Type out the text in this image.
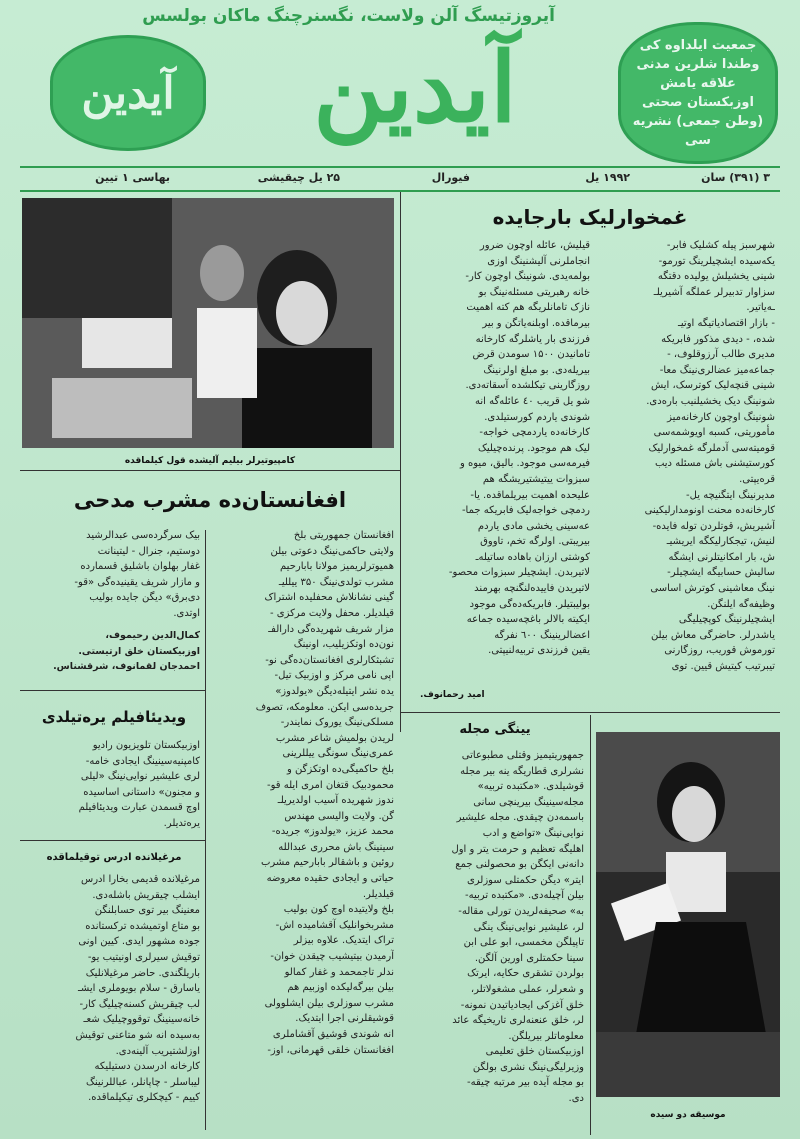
آیروزتیسگ آلن ولاست، نگسنرچنگ ماکان بولسس
آیدین
آیدین
جمعیت ایلداوه کی وطندا شلرین مدنی علاقه یامش اوزبکستان صحتی (وطن جمعی) نشریه سی
۳ (۳۹۱) سان
۱۹۹۲ یل
فیورال
۲۵ یل چیقیشی
بهاسی ۱ تیین
غمخوارلیک بارجایده
شهرسبز پیله کشلیک فابر-
یکه‌سیده ایشچیلرینگ تورمو-
شینی یخشیلش یولیده دقتگه
سزاوار تدبیرلر عملگه آشیریلـ
ـه‌یاتیر.
- بازار اقتصادیاتیگه اوتیـ
شده، - دیدی مذکور فابریکه
مدیری طالب آرزوقلوف، -
جماعه‌میز عضالری‌نینگ معا-
شینی قنچه‌لیک کوترسک، ایش
شونینگ‌ دیک یخشیلنیب باره‌دی.
شونینگ اوچون کارخانه‌میز
مأموریتی، کسبه اویوشمه‌سی
قومیته‌سی آدملرگه غمخوارلیک
کورستیشنی باش مسئله دیب
قره‌یپتی.
مدیرنینگ ایتگنیچه یل-
کارخانه‌ده محنت اونومدارلیکینی
آشیریش، قوتلردن توله فایده-
لنیش، تیجکارلیکگه ایریشیـ
ش، بار امکانیتلرنی ایشگه
سالیش حسابیگه ایشچیلر-
نینگ معاشینی کوترش اساسی
وظیفه‌گه ایلنگن.
ایشچیلرنینگ کوپچیلیگی
یاشدرلر. حاضرگی معاش بیلن
تورموش قوریب، روزگارنی
تیبرتیب کیتیش قیین. توی
قیلیش، عائله اوچون ضرور
انجاملرنی آلیشنینگ اوزی
بولمه‌یدی. شونینگ اوچون کار-
خانه رهبریتی مسئله‌نینگ بو
نازک تامانلریگه هم کته اهمیت
بیرماقده. اوبلنه‌یاتگن و بیر
فرزندی بار یاشلرگه کارخانه
تامانیدن ۱۵۰۰ سومدن قرض
بیریله‌دی. بو مبلغ اولرنینگ
روزگارینی تیکلشده آسقاته‌دی.
شو یل قریب ٤٠ عائله‌گه انه
شوندی یاردم کورستیلدی.
کارخانه‌ده یاردمچی خواجه-
لیک هم موجود. پرنده‌چیلیک
فیرمه‌سی موجود. بالیق، میوه و
سبزوات ییتیشتیریشگه هم
علیحده اهمیت بیریلماقده. یا-
ردمچی خواجه‌لیک فابریکه جما-
عه‌سینی یخشی مادی یاردم
بیریبتی. اولرگه تخم، تاووق
کوشتی ارزان باهاده ساتیله‌ـ
لاتیربدن. ایشچیلر سبزوات محصو-
لاتیریدن فاییده‌لنگنچه بهرمند
بولیبتیلر. فابریکه‌ده‌گی موجود
ایکیته بالالر باغچه‌سیده جماعه
اعضالرینینگ ٦٠٠ نفرگه
یقین فرزندی تربیه‌لنیپتی.
امید رحمانوف.
کامپیوتیرلر بیلیم آلیشده قول کیلماقده
افغانستان‌ده مشرب مدحی
افغانستان جمهوریتی بلخ
ولایتی حاکمی‌نینگ دعوتی بیلن
همیوترلریمیز مولانا بابارحیم
مشرب تولدی‌نینگ ۳۵۰ ییللیـ
گینی نشانلاش محفلیده اشتراک
قیلدیلر. محفل ولایت مرکزی -
مزار شریف شهریده‌گی دارالفـ
نون‌ده اوتکزیلیب، اونینگ
تشبثکارلری افغانستان‌ده‌گی نو-
اپی نامی مرکز و اوزبیک تیل-
یده نشر ایتیله‌دیگن «یولدوز»
جریده‌سی ایکن. معلومکه، تصوف
مسلکی‌نینگ یوروک نمایندر-
لریدن بولمیش شاعر مشرب
عمری‌نینگ سونگی ییللرینی
بلخ حاکمیگی‌ده اوتکزگن و
محمودبیک قتغان امری ایله قو-
ندوز شهریده آسیب اولدیریلـ
گن. ولایت والیسی مهندس
محمد عزیز، «یولدوز» جریده-
سینینگ باش محرری عبدالله
روئین و باشقالر بابارحیم مشرب
حیاتی و ایجادی حقیده معروضه
قیلدیلر.
بلخ ولایتیده اوچ کون بولیب
مشربخوانلیک آقشامیده اش-
تراک ایتدیک. علاوه بیزلر
آرمیدن بیتیشیب چیقدن خوان-
ندلر تاجمحمد و غفار کمالو
بیلن بیرگه‌لیکده اوزبیم هم
مشرب سوزلری بیلن ایشلوولی
قوشیقلرنی اجرا ایتدیک.
انه شوندی قوشیق آقشاملری
افغانستان خلقی قهرمانی، اوز-
بیک سرگرده‌سی عبدالرشید
دوستیم، جنرال - لیتینانت
غفار بهلوان باشلیق قسمارده
و مازار شریف یقینیده‌گی «قو-
دی‌برق» دیگن جایده بولیب
اوتدی.
کمال‌الدین رحیموف،
اوزبیکستان خلق ارتیستی.
احمدجان لقمانوف، شرقشناس.
ویدیئافیلم یره‌تیلدی
اوزبیکستان تلویزیون رادیو
کامپنیه‌سینینگ ایجادی خامه-
لری علیشیر نوایی‌نینگ «لیلی
و مجنون» داستانی اساسیده
اوچ قسمدن عبارت ویدیئافیلم
یره‌تدیلر.
مرغیلانده ادرس توقیلماقده
مرغیلانده قدیمی بخارا ادرس
ایشلب چیقریش باشله‌دی.
معنینگ بیر توی حسابلنگن
بو متاع اوتمیشده ترکستانده
جوده مشهور ایدی. کیین اونی
توقیش سیرلری اونیتیب یو-
باریلگندی. حاضر مرغیلانلیک
یاسارق - سلام بویوملری ایشـ
لب چیقریش کسنه‌چیلیگ کار-
خانه‌سینینگ توقووچیلیک شعـ
به‌سیده انه شو متاعنی توقیش
اوزلشتیریب آلینه‌دی.
کارخانه ادرسدن دستیلیکه
لیباسلر - چاپانلر، عباللرنینگ
کییم - کیچکلری تیکیلماقده.
یینگی مجله
جمهوریتیمیز وقتلی مطبوعاتی
نشرلری قطاریگه ینه بیر مجله
قوشیلدی. «مکتبده تربیه»
مجله‌سینینگ بیرینچی سانی
باسمه‌دن چیقدی. مجله علیشیر
نوایی‌نینگ «تواضع و ادب
اهلیگه تعظیم و حرمت یتر و اول
دانه‌نی ایکگن بو محصولنی جمع
ایتر» دیگن حکمتلی سوزلری
بیلن آچیله‌دی. «مکتبده تربیه‌-
به» صحیفه‌لریدن تورلی مقاله-
لر، علیشیر نوایی‌نینگ ینگی
تاپیلگن مخمسی، ابو علی ابن
سینا حکمتلری اورین آلگن.
بولردن تشقری حکایه، ایرتک
و شعرلر، عملی مشغولاتلر،
خلق آغزکی ایجادیاتیدن نمونه-
لر، خلق عنعنه‌لری تاریخیگه عائد
معلوماتلر بیریلگن.
اوزبیکستان خلق تعلیمی
وزیرلیگی‌نینگ نشری بولگن
بو مجله آیده بیر مرتبه چیقه-
دی.
موسیقه دو سیده
